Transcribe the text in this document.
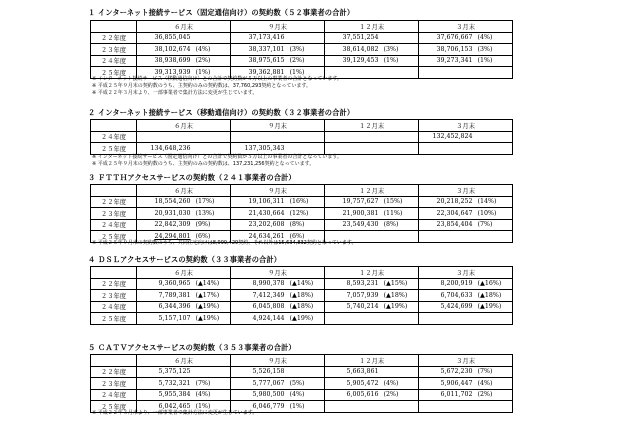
１ インターネット接続サービス（固定通信向け）の契約数（５２事業者の合計）
	６月末		９月末		１２月末		３月末	
２２年度	36,855,045		37,173,416		37,551,254		37,676,667	(4%)
２３年度	38,102,674	(4%)	38,337,101	(3%)	38,614,082	(3%)	38,706,153	(3%)
２４年度	38,938,699	(2%)	38,975,615	(2%)	39,129,453	(1%)	39,273,341	(1%)
２５年度	39,313,939	(1%)	39,362,881	(1%)				
※ インターネット接続サービス（移動通信向け）との合計で契約数が５万以上の事業者の合計となっています。
※ 平成２５年９月末の契約数のうち、主契約のみの契約数は、37,760,293契約となっています。
※ 平成２２年３月末より、一部事業者で集計方法に変更が生じています。
２ インターネット接続サービス（移動通信向け）の契約数（３２事業者の合計）
	６月末		９月末		１２月末		３月末	
２４年度							132,452,824	
２５年度	134,648,236		137,305,343					
※ インターネット接続サービス（固定通信向け）との合計で契約数が５万以上の事業者の合計となっています。
※ 平成２５年９月末の契約数のうち、主契約のみの契約数は、137,231,256契約となっています。
３ ＦＴＴＨアクセスサービスの契約数（２４１事業者の合計）
	６月末		９月末		１２月末		３月末	
２２年度	18,554,260	(17%)	19,106,311	(16%)	19,757,627	(15%)	20,218,252	(14%)
２３年度	20,931,030	(13%)	21,430,664	(12%)	21,900,381	(11%)	22,304,647	(10%)
２４年度	22,842,309	(9%)	23,202,608	(8%)	23,549,430	(8%)	23,854,404	(7%)
２５年度	24,294,801	(6%)	24,634,261	(6%)				
※ 平成２５年９月末の契約数のうち、共同住宅向けは8,999,429契約、それ以外は15,634,832契約となっています。
４ ＤＳＬアクセスサービスの契約数（３３事業者の合計）
	６月末		９月末		１２月末		３月末	
２２年度	9,360,965	(▲14%)	8,990,378	(▲14%)	8,593,231	(▲15%)	8,200,919	(▲16%)
２３年度	7,789,381	(▲17%)	7,412,349	(▲18%)	7,057,939	(▲18%)	6,704,633	(▲18%)
２４年度	6,344,396	(▲19%)	6,045,808	(▲18%)	5,740,214	(▲19%)	5,424,699	(▲19%)
２５年度	5,157,107	(▲19%)	4,924,144	(▲19%)				
５ ＣＡＴＶアクセスサービスの契約数（３５３事業者の合計）
	６月末		９月末		１２月末		３月末	
２２年度	5,375,125		5,526,158		5,663,861		5,672,230	(7%)
２３年度	5,732,321	(7%)	5,777,067	(5%)	5,905,472	(4%)	5,906,447	(4%)
２４年度	5,955,384	(4%)	5,980,500	(4%)	6,005,616	(2%)	6,011,702	(2%)
２５年度	6,042,465	(1%)	6,046,779	(1%)				
※ 平成２２年３月末より、一部事業者で集計方法に変更が生じています。
